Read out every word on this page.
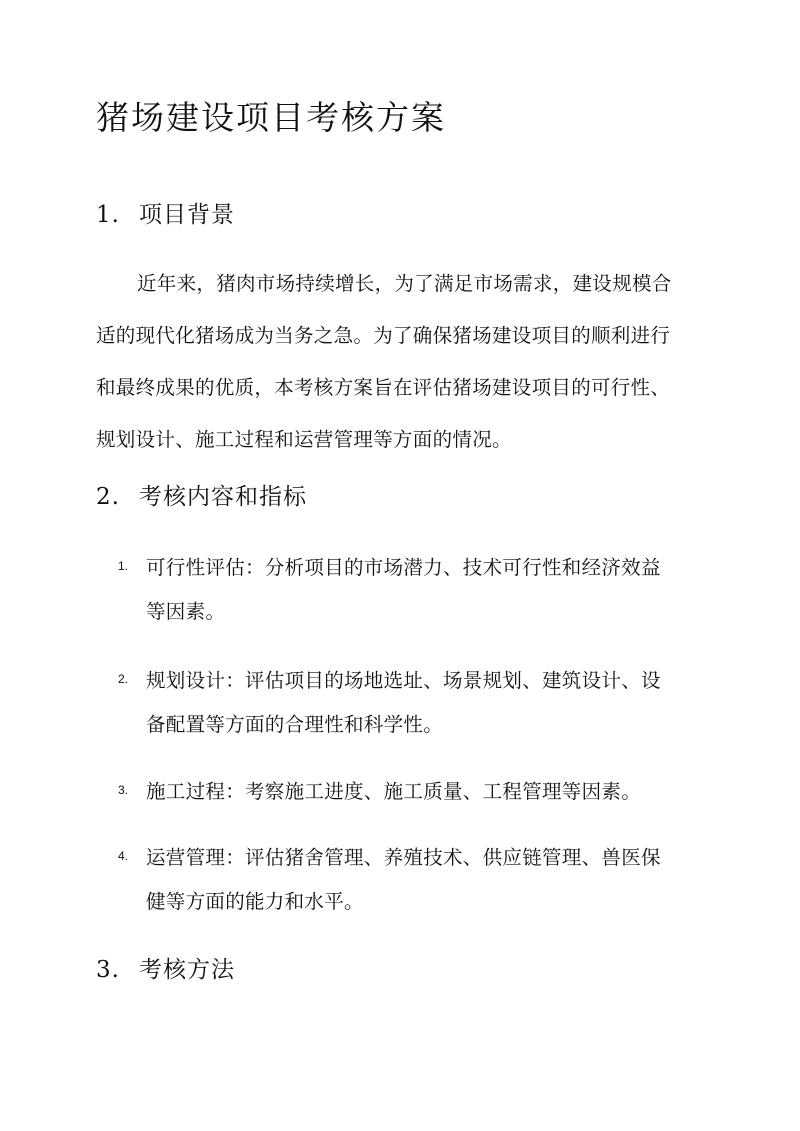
猪场建设项目考核方案
1. 项目背景
近年来，猪肉市场持续增长，为了满足市场需求，建设规模合
适的现代化猪场成为当务之急。为了确保猪场建设项目的顺利进行
和最终成果的优质，本考核方案旨在评估猪场建设项目的可行性、
规划设计、施工过程和运营管理等方面的情况。
2. 考核内容和指标
1. 可行性评估：分析项目的市场潜力、技术可行性和经济效益
等因素。
2. 规划设计：评估项目的场地选址、场景规划、建筑设计、设
备配置等方面的合理性和科学性。
3. 施工过程：考察施工进度、施工质量、工程管理等因素。
4. 运营管理：评估猪舍管理、养殖技术、供应链管理、兽医保
健等方面的能力和水平。
3. 考核方法
